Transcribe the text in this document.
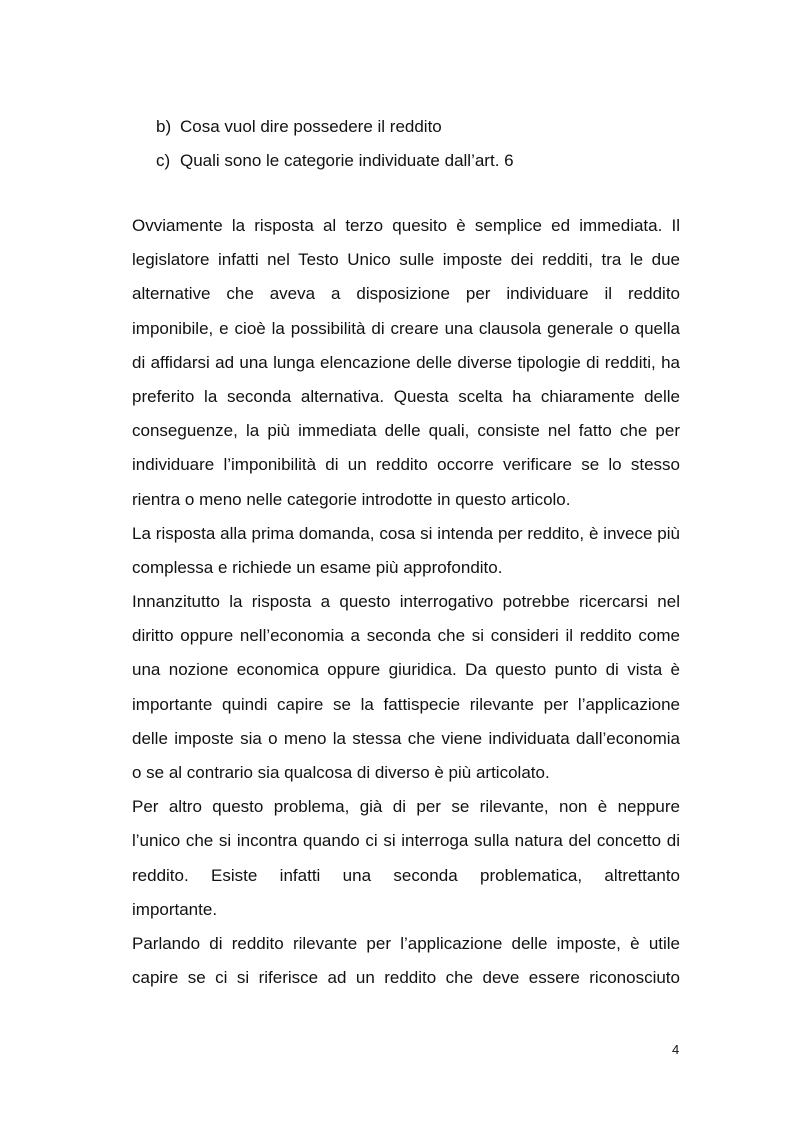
b) Cosa vuol dire possedere il reddito
c) Quali sono le categorie individuate dall’art. 6
Ovviamente la risposta al terzo quesito è semplice ed immediata. Il
legislatore infatti nel Testo Unico sulle imposte dei redditi, tra le due
alternative che aveva a disposizione per individuare il reddito
imponibile, e cioè la possibilità di creare una clausola generale o quella
di affidarsi ad una lunga elencazione delle diverse tipologie di redditi, ha
preferito la seconda alternativa. Questa scelta ha chiaramente delle
conseguenze, la più immediata delle quali, consiste nel fatto che per
individuare l’imponibilità di un reddito occorre verificare se lo stesso
rientra o meno nelle categorie introdotte in questo articolo.
La risposta alla prima domanda, cosa si intenda per reddito, è invece più
complessa e richiede un esame più approfondito.
Innanzitutto la risposta a questo interrogativo potrebbe ricercarsi nel
diritto oppure nell’economia a seconda che si consideri il reddito come
una nozione economica oppure giuridica. Da questo punto di vista è
importante quindi capire se la fattispecie rilevante per l’applicazione
delle imposte sia o meno la stessa che viene individuata dall’economia
o se al contrario sia qualcosa di diverso è più articolato.
Per altro questo problema, già di per se rilevante, non è neppure
l’unico che si incontra quando ci si interroga sulla natura del concetto di
reddito. Esiste infatti una seconda problematica, altrettanto
importante.
Parlando di reddito rilevante per l’applicazione delle imposte, è utile
capire se ci si riferisce ad un reddito che deve essere riconosciuto
4
